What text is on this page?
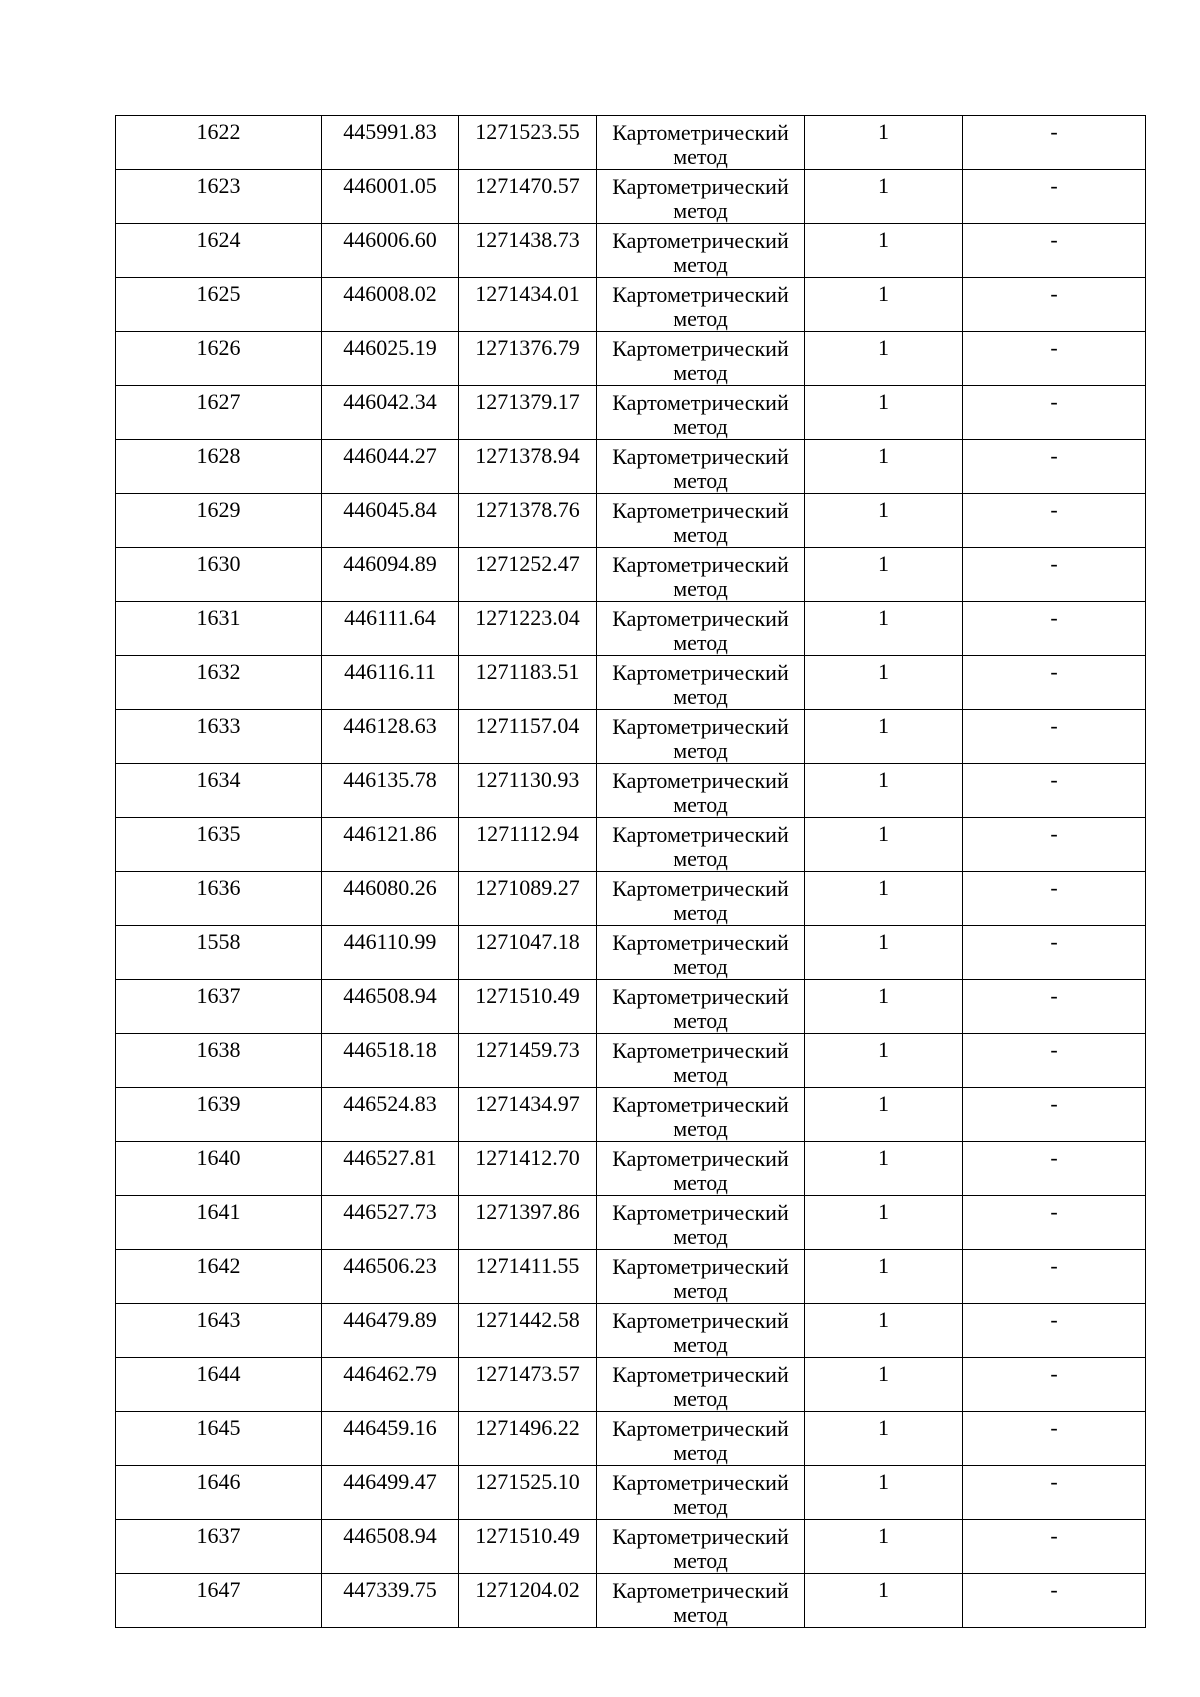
1622	445991.83	1271523.55	Картометрический метод	1	-

1623	446001.05	1271470.57	Картометрический метод	1	-

1624	446006.60	1271438.73	Картометрический метод	1	-

1625	446008.02	1271434.01	Картометрический метод	1	-

1626	446025.19	1271376.79	Картометрический метод	1	-

1627	446042.34	1271379.17	Картометрический метод	1	-

1628	446044.27	1271378.94	Картометрический метод	1	-

1629	446045.84	1271378.76	Картометрический метод	1	-

1630	446094.89	1271252.47	Картометрический метод	1	-

1631	446111.64	1271223.04	Картометрический метод	1	-

1632	446116.11	1271183.51	Картометрический метод	1	-

1633	446128.63	1271157.04	Картометрический метод	1	-

1634	446135.78	1271130.93	Картометрический метод	1	-

1635	446121.86	1271112.94	Картометрический метод	1	-

1636	446080.26	1271089.27	Картометрический метод	1	-

1558	446110.99	1271047.18	Картометрический метод	1	-

1637	446508.94	1271510.49	Картометрический метод	1	-

1638	446518.18	1271459.73	Картометрический метод	1	-

1639	446524.83	1271434.97	Картометрический метод	1	-

1640	446527.81	1271412.70	Картометрический метод	1	-

1641	446527.73	1271397.86	Картометрический метод	1	-

1642	446506.23	1271411.55	Картометрический метод	1	-

1643	446479.89	1271442.58	Картометрический метод	1	-

1644	446462.79	1271473.57	Картометрический метод	1	-

1645	446459.16	1271496.22	Картометрический метод	1	-

1646	446499.47	1271525.10	Картометрический метод	1	-

1637	446508.94	1271510.49	Картометрический метод	1	-

1647	447339.75	1271204.02	Картометрический метод	1	-
